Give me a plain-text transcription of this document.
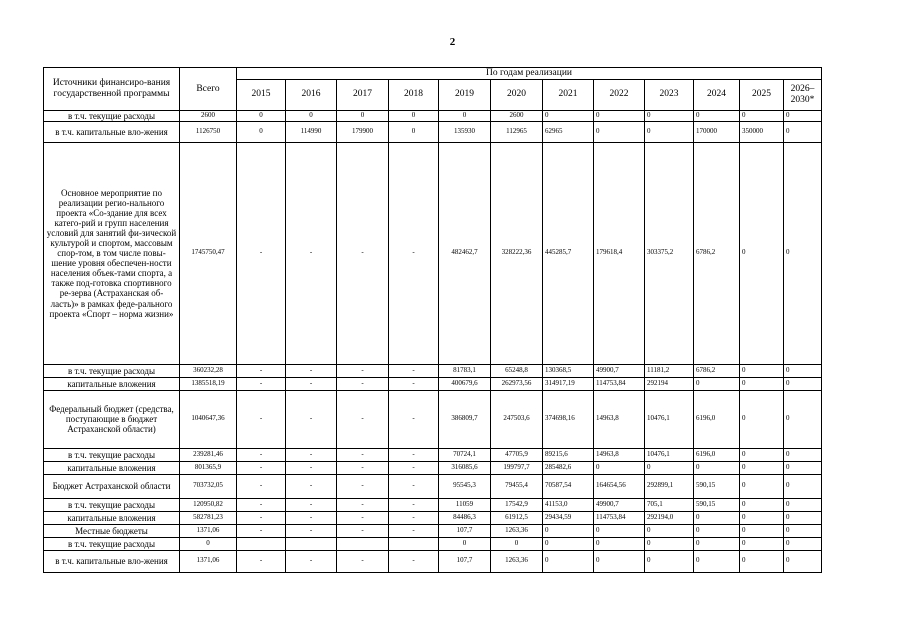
2
Источники финансиро-вания государственной программы	Всего	По годам реализации											
		2015	2016	2017	2018	2019	2020	2021	2022	2023	2024	2025	2026–2030*
в т.ч. текущие расходы	2600	0	0	0	0	0	2600	0	0	0	0	0	0
в т.ч. капитальные вло-жения	1126750	0	114990	179900	0	135930	112965	62965	0	0	170000	350000	0
Основное мероприятие по реализации регио-нального проекта «Со-здание для всех катего-рий и групп населения условий для занятий фи-зической культурой и спортом, массовым спор-том, в том числе повы-шение уровня обеспечен-ности населения объек-тами спорта, а также под-готовка спортивного ре-зерва (Астраханская об-ласть)» в рамках феде-рального проекта «Спорт – норма жизни»	1745750,47	-	-	-	-	482462,7	328222,36	445285,7	179618,4	303375,2	6786,2	0	0
в т.ч. текущие расходы	360232,28	-	-	-	-	81783,1	65248,8	130368,5	49900,7	11181,2	6786,2	0	0
капитальные вложения	1385518,19	-	-	-	-	400679,6	262973,56	314917,19	114753,84	292194	0	0	0
Федеральный бюджет (средства, поступающие в бюджет Астраханской области)	1040647,36	-	-	-	-	386809,7	247503,6	374698,16	14963,8	10476,1	6196,0	0	0
в т.ч. текущие расходы	239281,46	-	-	-	-	70724,1	47705,9	89215,6	14963,8	10476,1	6196,0	0	0
капитальные вложения	801365,9	-	-	-	-	316085,6	199797,7	285482,6	0	0	0	0	0
Бюджет Астраханской области	703732,05	-	-	-	-	95545,3	79455,4	70587,54	164654,56	292899,1	590,15	0	0
в т.ч. текущие расходы	120950,82	-	-	-	-	11059	17542,9	41153,0	49900,7	705,1	590,15	0	0
капитальные вложения	582781,23	-	-	-	-	84486,3	61912,5	29434,59	114753,84	292194,0	0	0	0
Местные бюджеты	1371,06	-	-	-	-	107,7	1263,36	0	0	0	0	0	0
в т.ч. текущие расходы	0					0	0	0	0	0	0	0	0
в т.ч. капитальные вло-жения	1371,06	-	-	-	-	107,7	1263,36	0	0	0	0	0	0
